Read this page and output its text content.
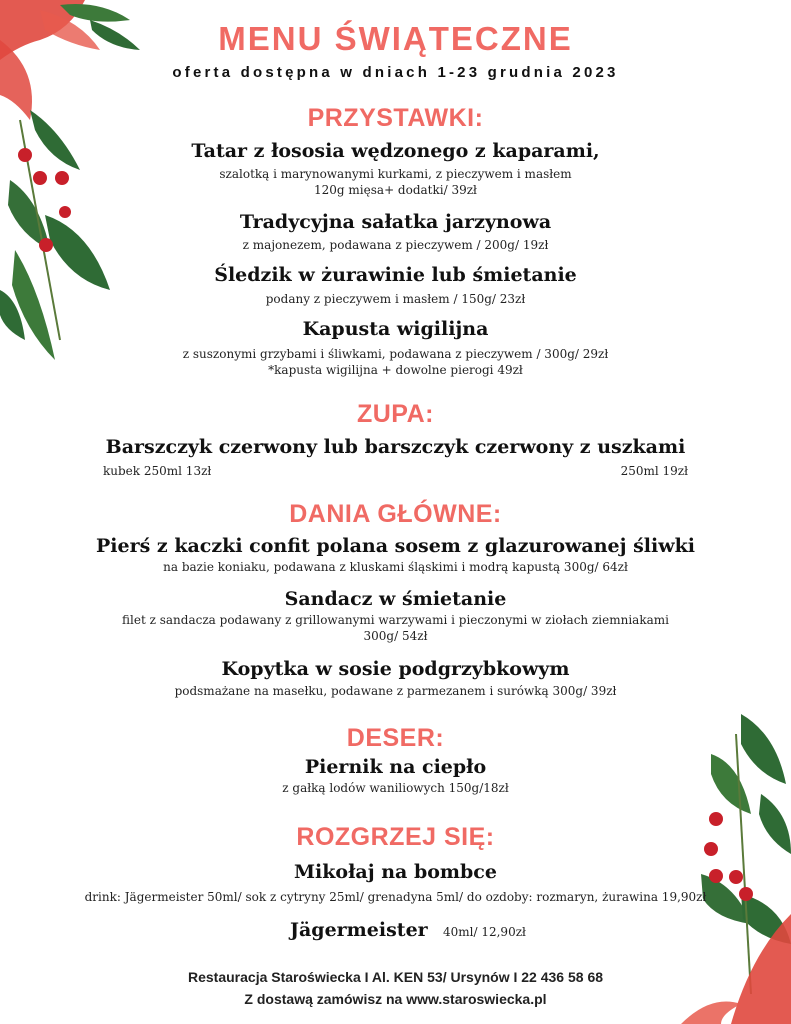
MENU ŚWIĄTECZNE
oferta dostępna w dniach 1-23 grudnia 2023
PRZYSTAWKI:
Tatar z łososia wędzonego z kaparami,
szalotką i marynowanymi kurkami, z pieczywem i masłem
120g mięsa+ dodatki/ 39zł
Tradycyjna sałatka jarzynowa
z majonezem, podawana z pieczywem / 200g/ 19zł
Śledzik w żurawinie lub śmietanie
podany z pieczywem i masłem / 150g/ 23zł
Kapusta wigilijna
z suszonymi grzybami i śliwkami, podawana z pieczywem / 300g/ 29zł
*kapusta wigilijna + dowolne pierogi 49zł
ZUPA:
Barszczyk czerwony lub barszczyk czerwony z uszkami
kubek 250ml 13zł	250ml 19zł
DANIA GŁÓWNE:
Pierś z kaczki confit polana sosem z glazurowanej śliwki
na bazie koniaku, podawana z kluskami śląskimi i modrą kapustą 300g/ 64zł
Sandacz w śmietanie
filet z sandacza podawany z grillowanymi warzywami i pieczonymi w ziołach ziemniakami
300g/ 54zł
Kopytka w sosie podgrzybkowym
podsmażane na masełku, podawane z parmezanem i surówką 300g/ 39zł
DESER:
Piernik na ciepło
z gałką lodów waniliowych 150g/18zł
ROZGRZEJ SIĘ:
Mikołaj na bombce
drink: Jägermeister 50ml/ sok z cytryny 25ml/ grenadyna 5ml/ do ozdoby: rozmaryn, żurawina 19,90zł
Jägermeister 40ml/ 12,90zł
Restauracja Staroświecka I Al. KEN 53/ Ursynów I 22 436 58 68
Z dostawą zamówisz na www.staroswiecka.pl
